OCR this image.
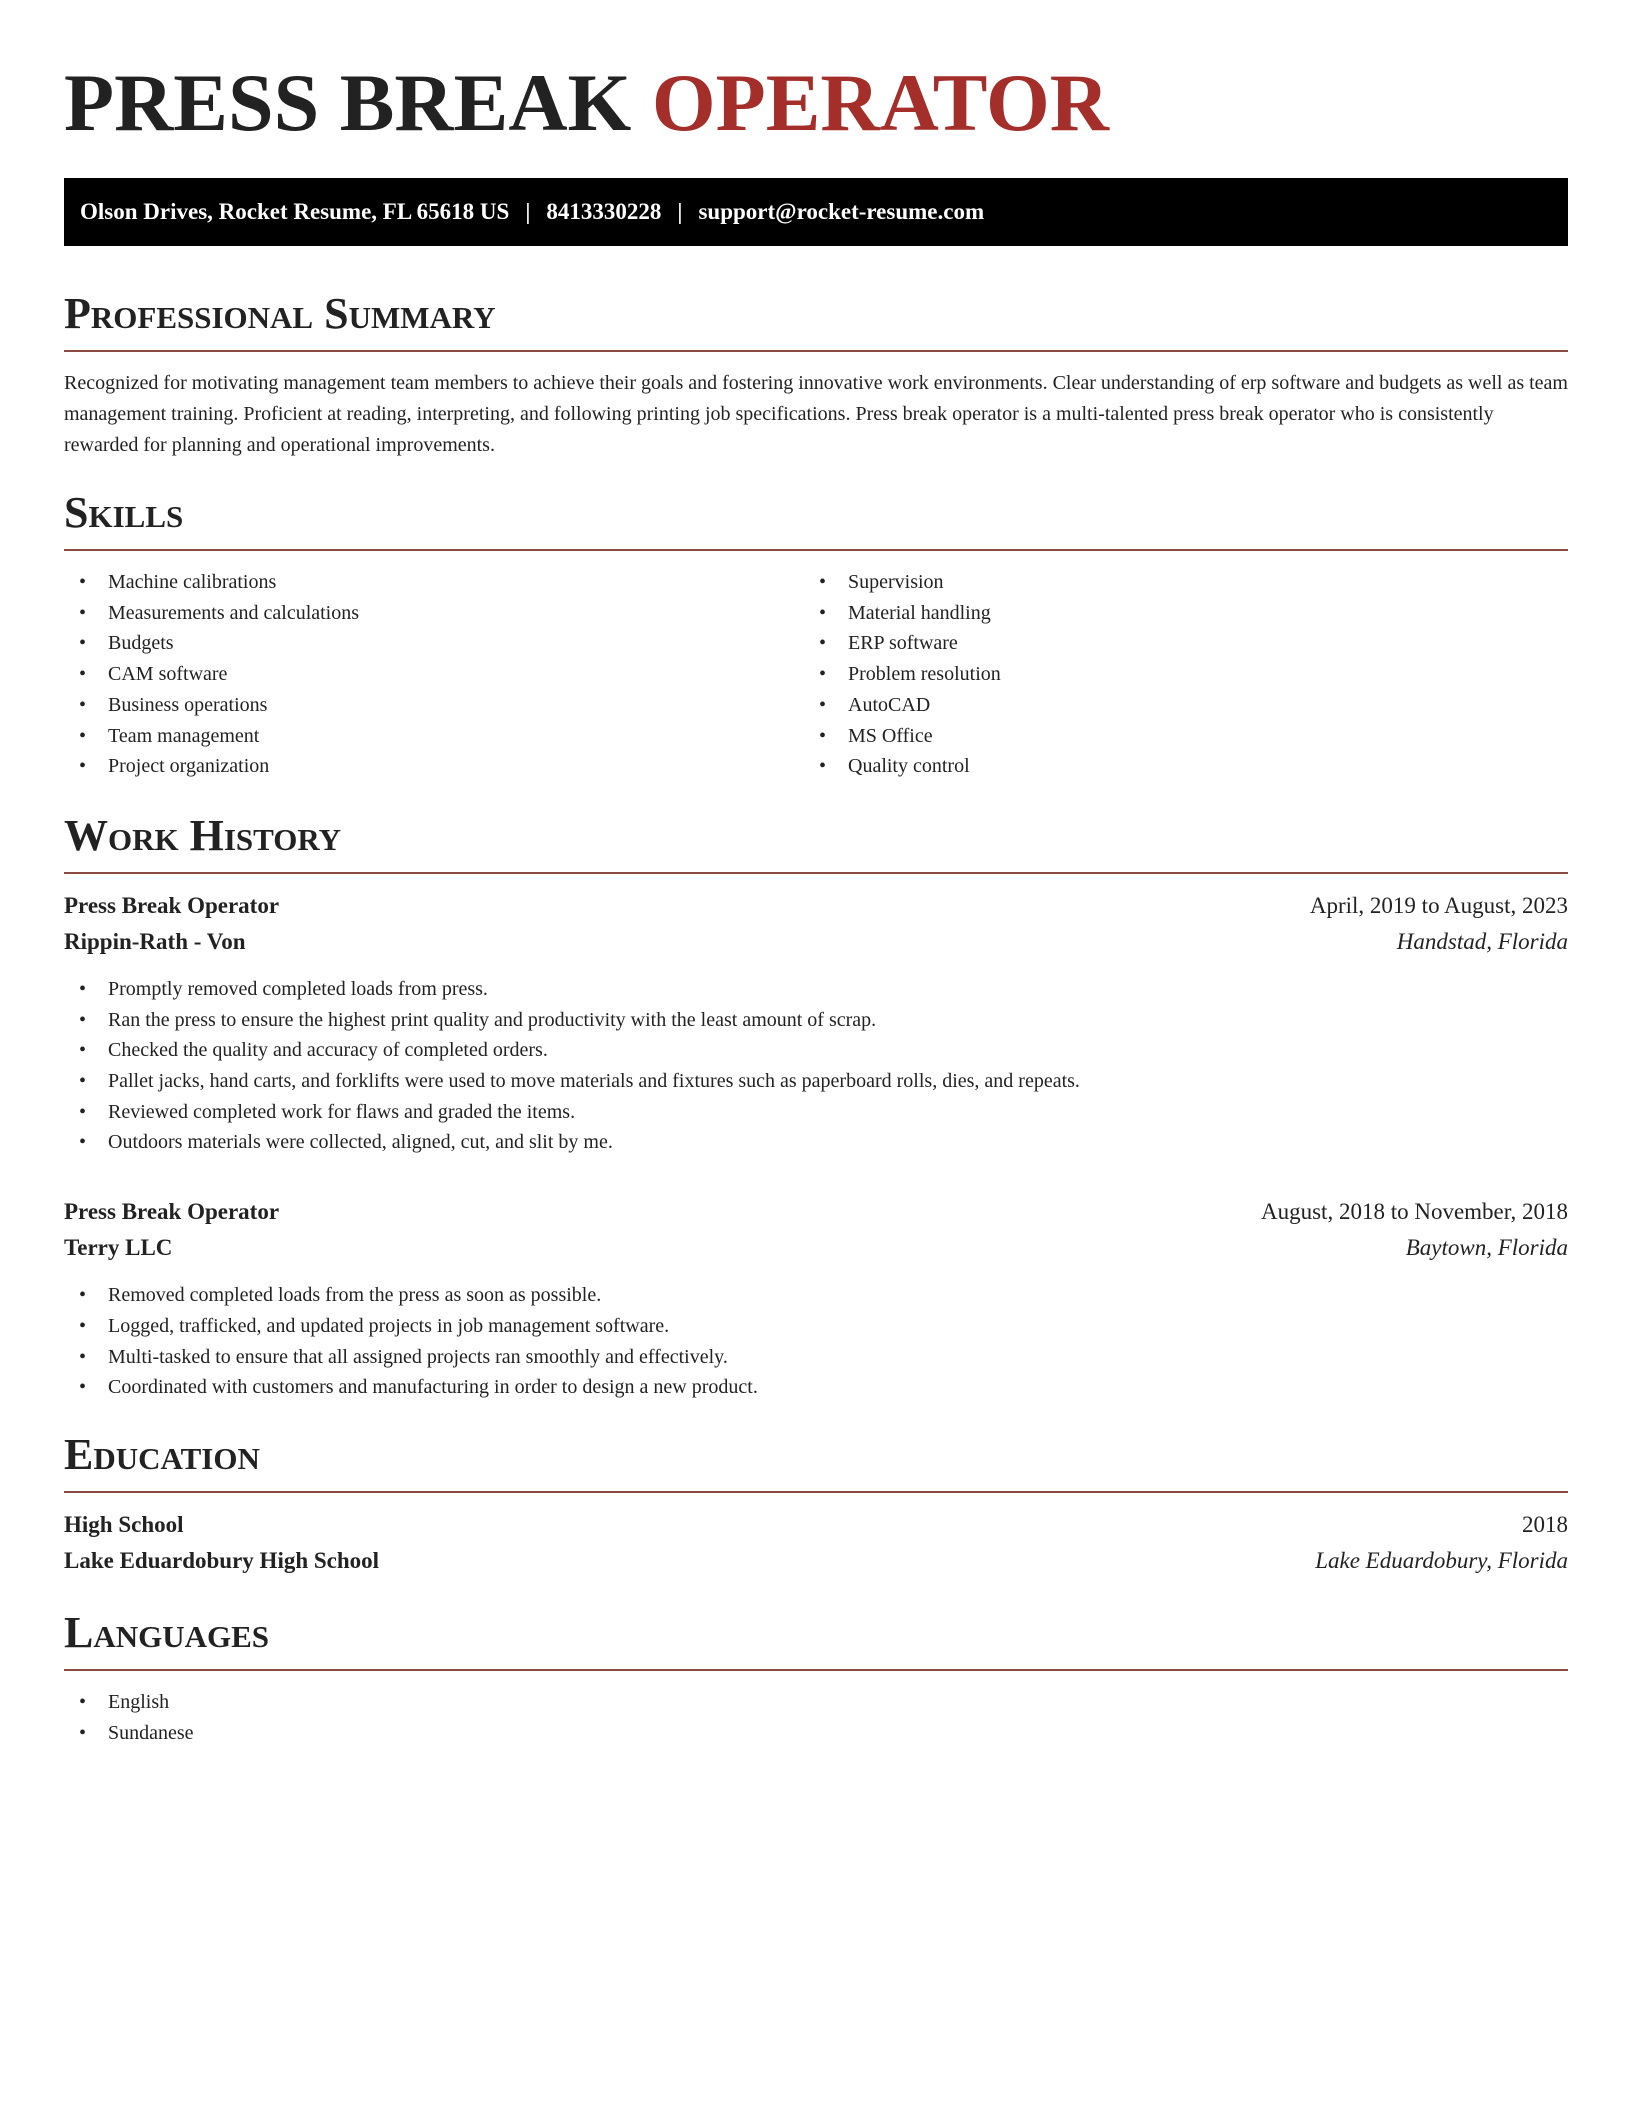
PRESS BREAK OPERATOR
Olson Drives, Rocket Resume, FL 65618 US | 8413330228 | support@rocket-resume.com
Professional Summary

Recognized for motivating management team members to achieve their goals and fostering innovative work environments. Clear understanding of erp software and budgets as well as team management training. Proficient at reading, interpreting, and following printing job specifications. Press break operator is a multi-talented press break operator who is consistently rewarded for planning and operational improvements.

Skills
• Machine calibrations
• Measurements and calculations
• Budgets
• CAM software
• Business operations
• Team management
• Project organization
• Supervision
• Material handling
• ERP software
• Problem resolution
• AutoCAD
• MS Office
• Quality control
Work History
Press Break Operator	April, 2019 to August, 2023
Rippin-Rath - Von	Handstad, Florida
• Promptly removed completed loads from press.
• Ran the press to ensure the highest print quality and productivity with the least amount of scrap.
• Checked the quality and accuracy of completed orders.
• Pallet jacks, hand carts, and forklifts were used to move materials and fixtures such as paperboard rolls, dies, and repeats.
• Reviewed completed work for flaws and graded the items.
• Outdoors materials were collected, aligned, cut, and slit by me.
Press Break Operator	August, 2018 to November, 2018
Terry LLC	Baytown, Florida
• Removed completed loads from the press as soon as possible.
• Logged, trafficked, and updated projects in job management software.
• Multi-tasked to ensure that all assigned projects ran smoothly and effectively.
• Coordinated with customers and manufacturing in order to design a new product.
Education
High School	2018
Lake Eduardobury High School	Lake Eduardobury, Florida
Languages
• English
• Sundanese
